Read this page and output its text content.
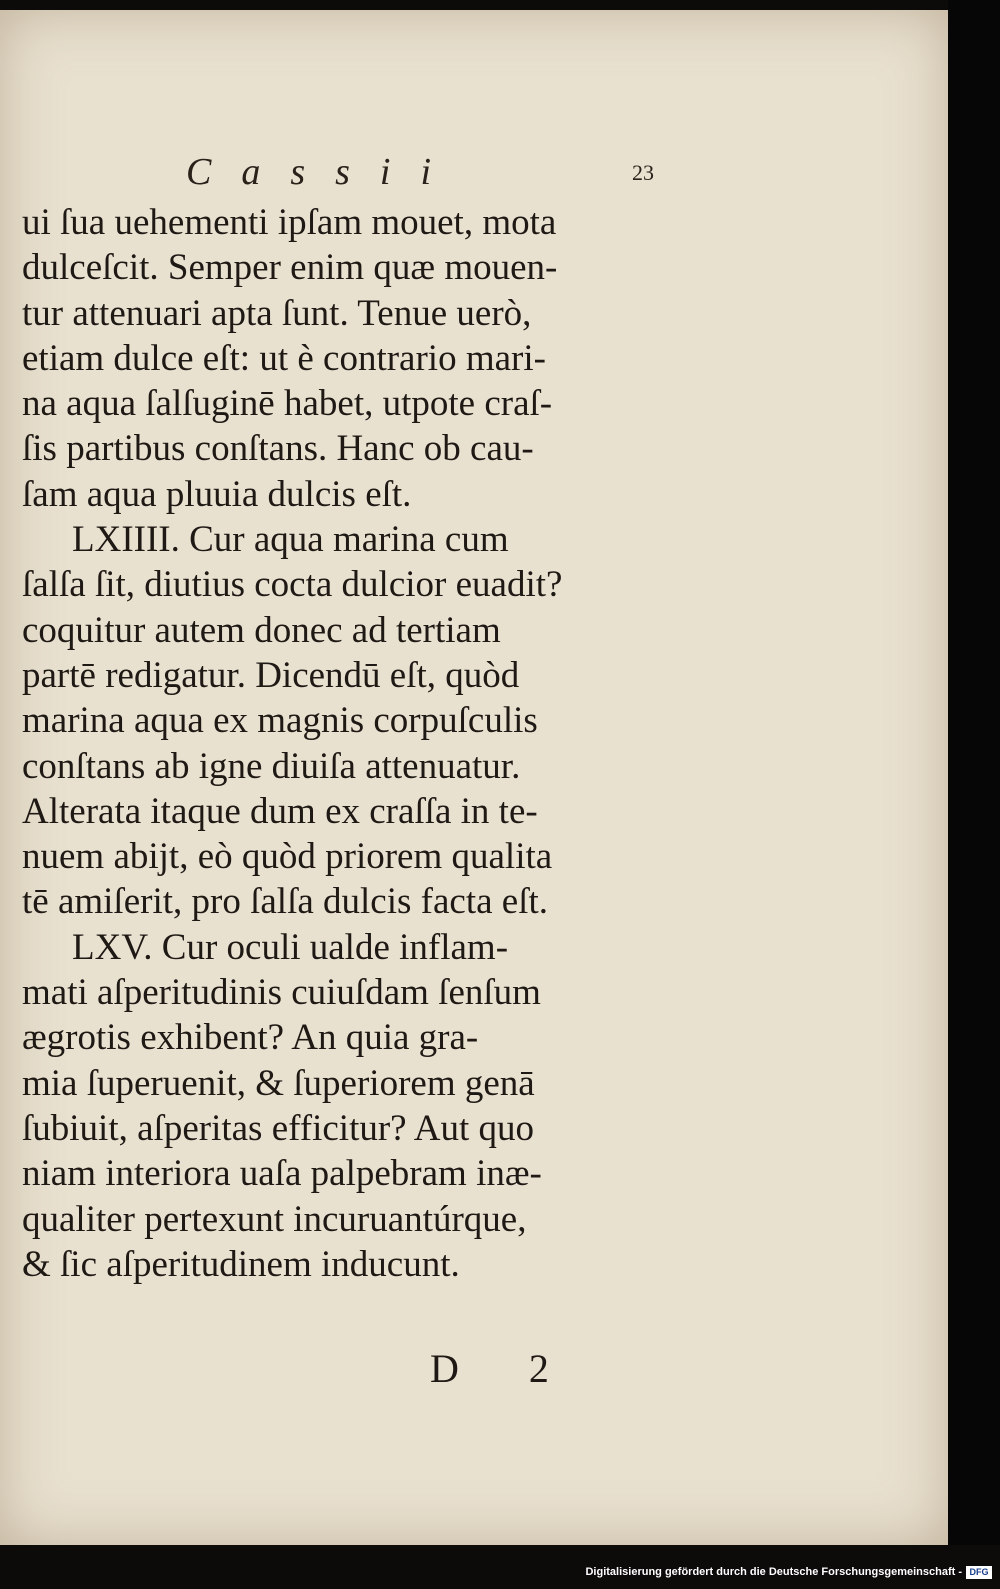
Cassii	23
ui ſua uehementi ipſam mouet, mota
dulceſcit. Semper enim quæ mouen-
tur attenuari apta ſunt. Tenue uerò,
etiam dulce eſt: ut è contrario mari-
na aqua ſalſuginē habet, utpote craſ-
ſis partibus conſtans. Hanc ob cau-
ſam aqua pluuia dulcis eſt.
LXIIII. Cur aqua marina cum
ſalſa ſit, diutius cocta dulcior euadit?
coquitur autem donec ad tertiam
partē redigatur. Dicendū eſt, quòd
marina aqua ex magnis corpuſculis
conſtans ab igne diuiſa attenuatur.
Alterata itaque dum ex craſſa in te-
nuem abijt, eò quòd priorem qualita
tē amiſerit, pro ſalſa dulcis facta eſt.
LXV. Cur oculi ualde inflam-
mati aſperitudinis cuiuſdam ſenſum
ægrotis exhibent? An quia gra-
mia ſuperuenit, & ſuperiorem genā
ſubiuit, aſperitas efficitur? Aut quo
niam interiora uaſa palpebram inæ-
qualiter pertexunt incuruantúrque,
& ſic aſperitudinem inducunt.
D 2
Digitalisierung gefördert durch die Deutsche Forschungsgemeinschaft - DFG
